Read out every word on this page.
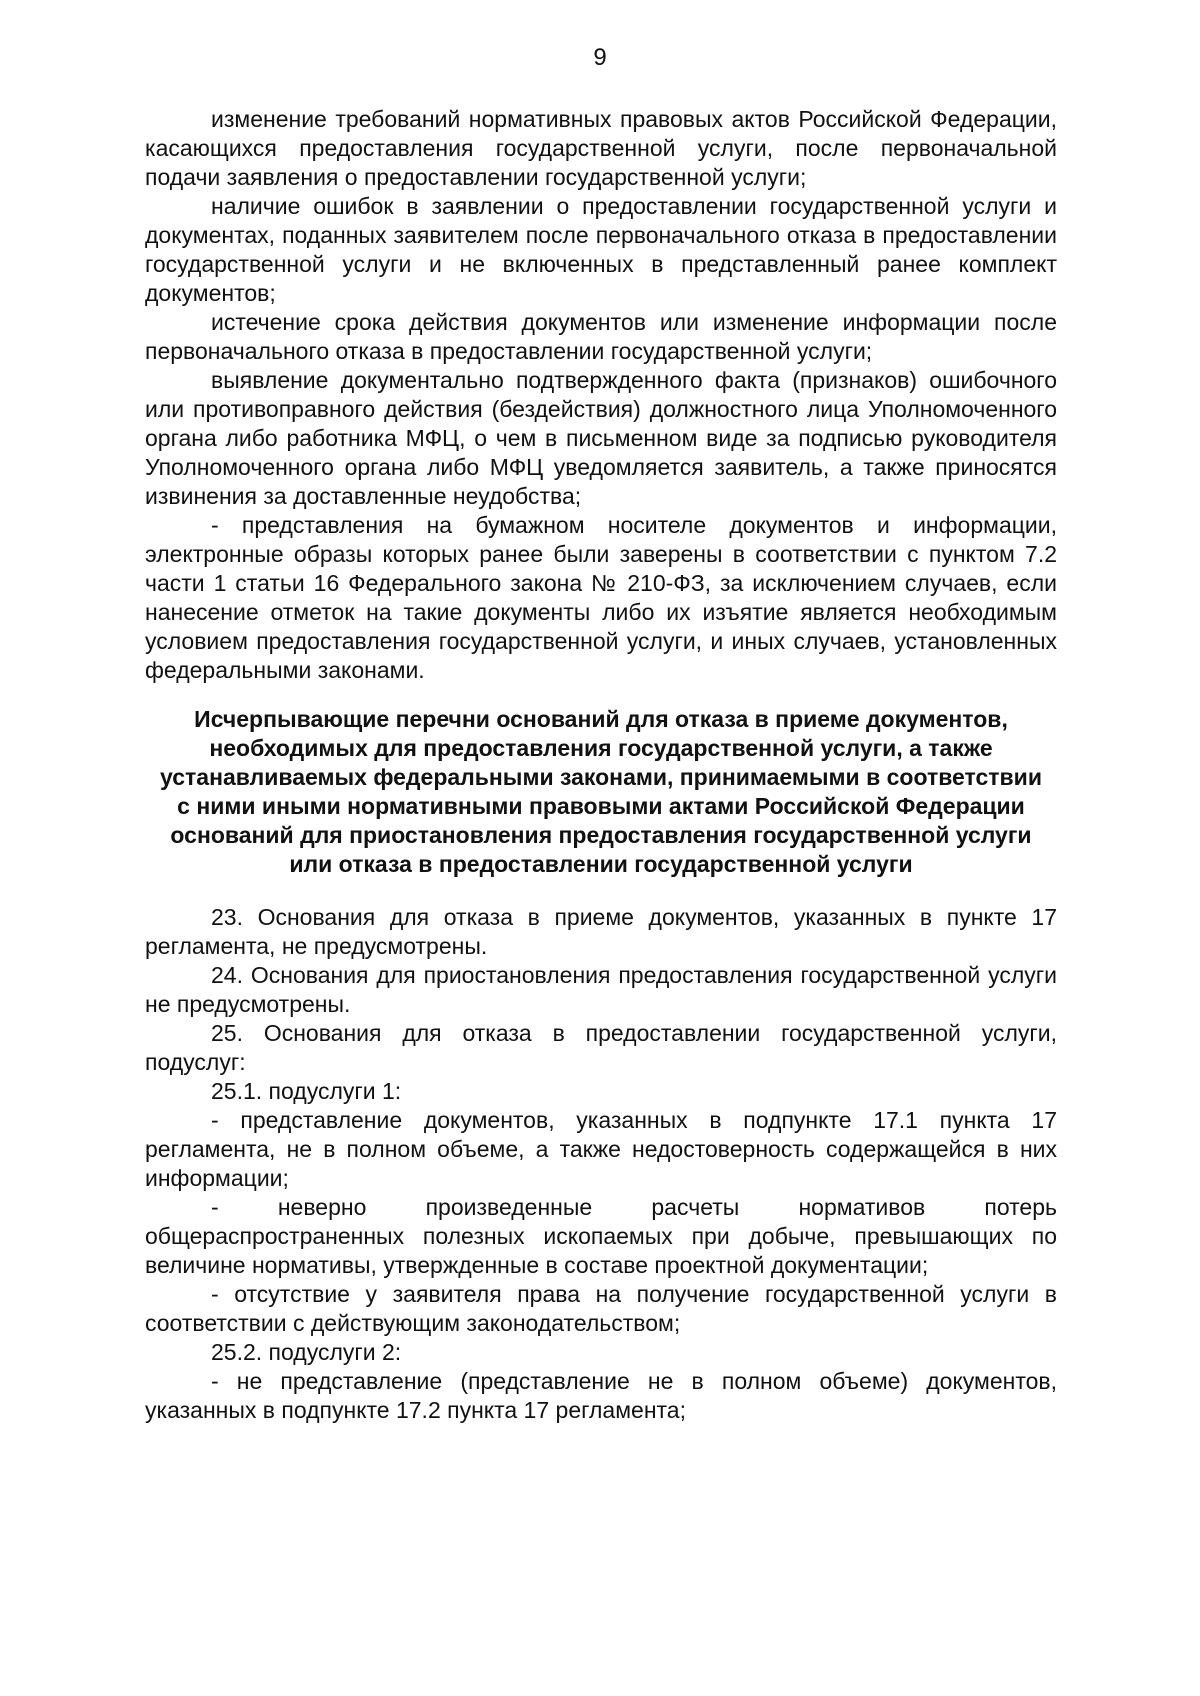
9

изменение требований нормативных правовых актов Российской Федерации, касающихся предоставления государственной услуги, после первоначальной подачи заявления о предоставлении государственной услуги;

наличие ошибок в заявлении о предоставлении государственной услуги и документах, поданных заявителем после первоначального отказа в предоставлении государственной услуги и не включенных в представленный ранее комплект документов;

истечение срока действия документов или изменение информации после первоначального отказа в предоставлении государственной услуги;

выявление документально подтвержденного факта (признаков) ошибочного или противоправного действия (бездействия) должностного лица Уполномоченного органа либо работника МФЦ, о чем в письменном виде за подписью руководителя Уполномоченного органа либо МФЦ уведомляется заявитель, а также приносятся извинения за доставленные неудобства;

- представления на бумажном носителе документов и информации, электронные образы которых ранее были заверены в соответствии с пунктом 7.2 части 1 статьи 16 Федерального закона № 210-ФЗ, за исключением случаев, если нанесение отметок на такие документы либо их изъятие является необходимым условием предоставления государственной услуги, и иных случаев, установленных федеральными законами.

Исчерпывающие перечни оснований для отказа в приеме документов, необходимых для предоставления государственной услуги, а также устанавливаемых федеральными законами, принимаемыми в соответствии с ними иными нормативными правовыми актами Российской Федерации оснований для приостановления предоставления государственной услуги или отказа в предоставлении государственной услуги

23. Основания для отказа в приеме документов, указанных в пункте 17 регламента, не предусмотрены.

24. Основания для приостановления предоставления государственной услуги не предусмотрены.

25. Основания для отказа в предоставлении государственной услуги, подуслуг:

25.1. подуслуги 1:

- представление документов, указанных в подпункте 17.1 пункта 17 регламента, не в полном объеме, а также недостоверность содержащейся в них информации;

- неверно произведенные расчеты нормативов потерь общераспространенных полезных ископаемых при добыче, превышающих по величине нормативы, утвержденные в составе проектной документации;

- отсутствие у заявителя права на получение государственной услуги в соответствии с действующим законодательством;

25.2. подуслуги 2:

- не представление (представление не в полном объеме) документов, указанных в подпункте 17.2 пункта 17 регламента;
